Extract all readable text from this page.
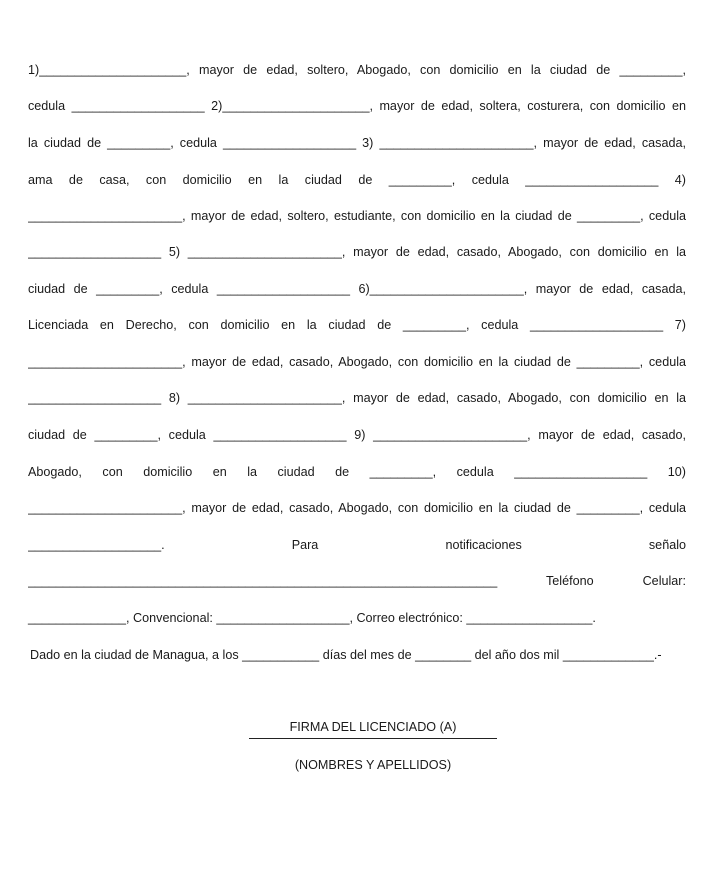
1)_____________________, mayor de edad, soltero, Abogado, con domicilio en la ciudad de _________,
cedula ___________________ 2)_____________________, mayor de edad, soltera, costurera, con domicilio en
la ciudad de _________, cedula ___________________ 3) ______________________, mayor de edad, casada,
ama de casa, con domicilio en la ciudad de _________, cedula ___________________ 4)
______________________, mayor de edad, soltero, estudiante, con domicilio en la ciudad de _________, cedula
___________________ 5) ______________________, mayor de edad, casado, Abogado, con domicilio en la
ciudad de _________, cedula ___________________ 6)______________________, mayor de edad, casada,
Licenciada en Derecho, con domicilio en la ciudad de _________, cedula ___________________ 7)
______________________, mayor de edad, casado, Abogado, con domicilio en la ciudad de _________, cedula
___________________ 8) ______________________, mayor de edad, casado, Abogado, con domicilio en la
ciudad de _________, cedula ___________________ 9) ______________________, mayor de edad, casado,
Abogado, con domicilio en la ciudad de _________, cedula ___________________ 10)
______________________, mayor de edad, casado, Abogado, con domicilio en la ciudad de _________, cedula
___________________. Para notificaciones señalo
___________________________________________________________________ Teléfono Celular:
______________, Convencional: ___________________, Correo electrónico: __________________.
Dado en la ciudad de Managua, a los ___________ días del mes de ________ del año dos mil _____________.-
FIRMA DEL LICENCIADO (A)
(NOMBRES Y APELLIDOS)
